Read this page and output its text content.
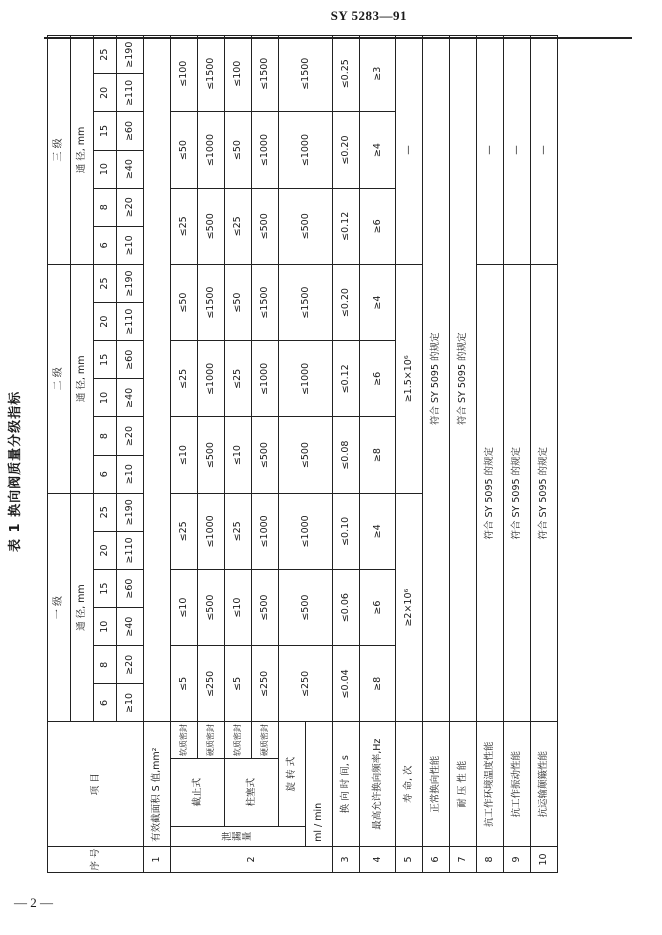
SY 5283—91
— 2 —
表 1 换向阀质量分级指标
序 号	项 目			一 级						二 级						三 级					
				通 径, mm						通 径, mm						通 径, mm					
				6	8	10	15	20	25	6	8	10	15	20	25	6	8	10	15	20	25
				≥10	≥20	≥40	≥60	≥110	≥190	≥10	≥20	≥40	≥60	≥110	≥190	≥10	≥20	≥40	≥60	≥110	≥190
1	有效截面积 S 值,mm²																				
2	泄 漏 量	截止式	软质密封	≤5		≤10		≤25		≤10		≤25		≤50		≤25		≤50		≤100	
			硬质密封	≤250		≤500		≤1000		≤500		≤1000		≤1500		≤500		≤1000		≤1500	
		柱塞式	软质密封	≤5		≤10		≤25		≤10		≤25		≤50		≤25		≤50		≤100	
			硬质密封	≤250		≤500		≤1000		≤500		≤1000		≤1500		≤500		≤1000		≤1500	
		旋 转 式		≤250		≤500		≤1000		≤500		≤1000		≤1500		≤500		≤1000		≤1500	
	ml / min																				
3	换 向 时 间, s			≤0.04		≤0.06		≤0.10		≤0.08		≤0.12		≤0.20		≤0.12		≤0.20		≤0.25	
4	最高允许换向频率,Hz			≥8		≥6		≥4		≥8		≥6		≥4		≥6		≥4		≥3	
5	寿 命, 次			≥2×10⁶						≥1.5×10⁶						—					
6	正常换向性能			符合 SY 5095 的规定																	
7	耐 压 性 能			符合 SY 5095 的规定																	
8	抗工作环境温度性能			符合 SY 5095 的规定												—					
9	抗工作振动性能			符合 SY 5095 的规定												—					
10	抗运输颠簸性能			符合 SY 5095 的规定												—					
